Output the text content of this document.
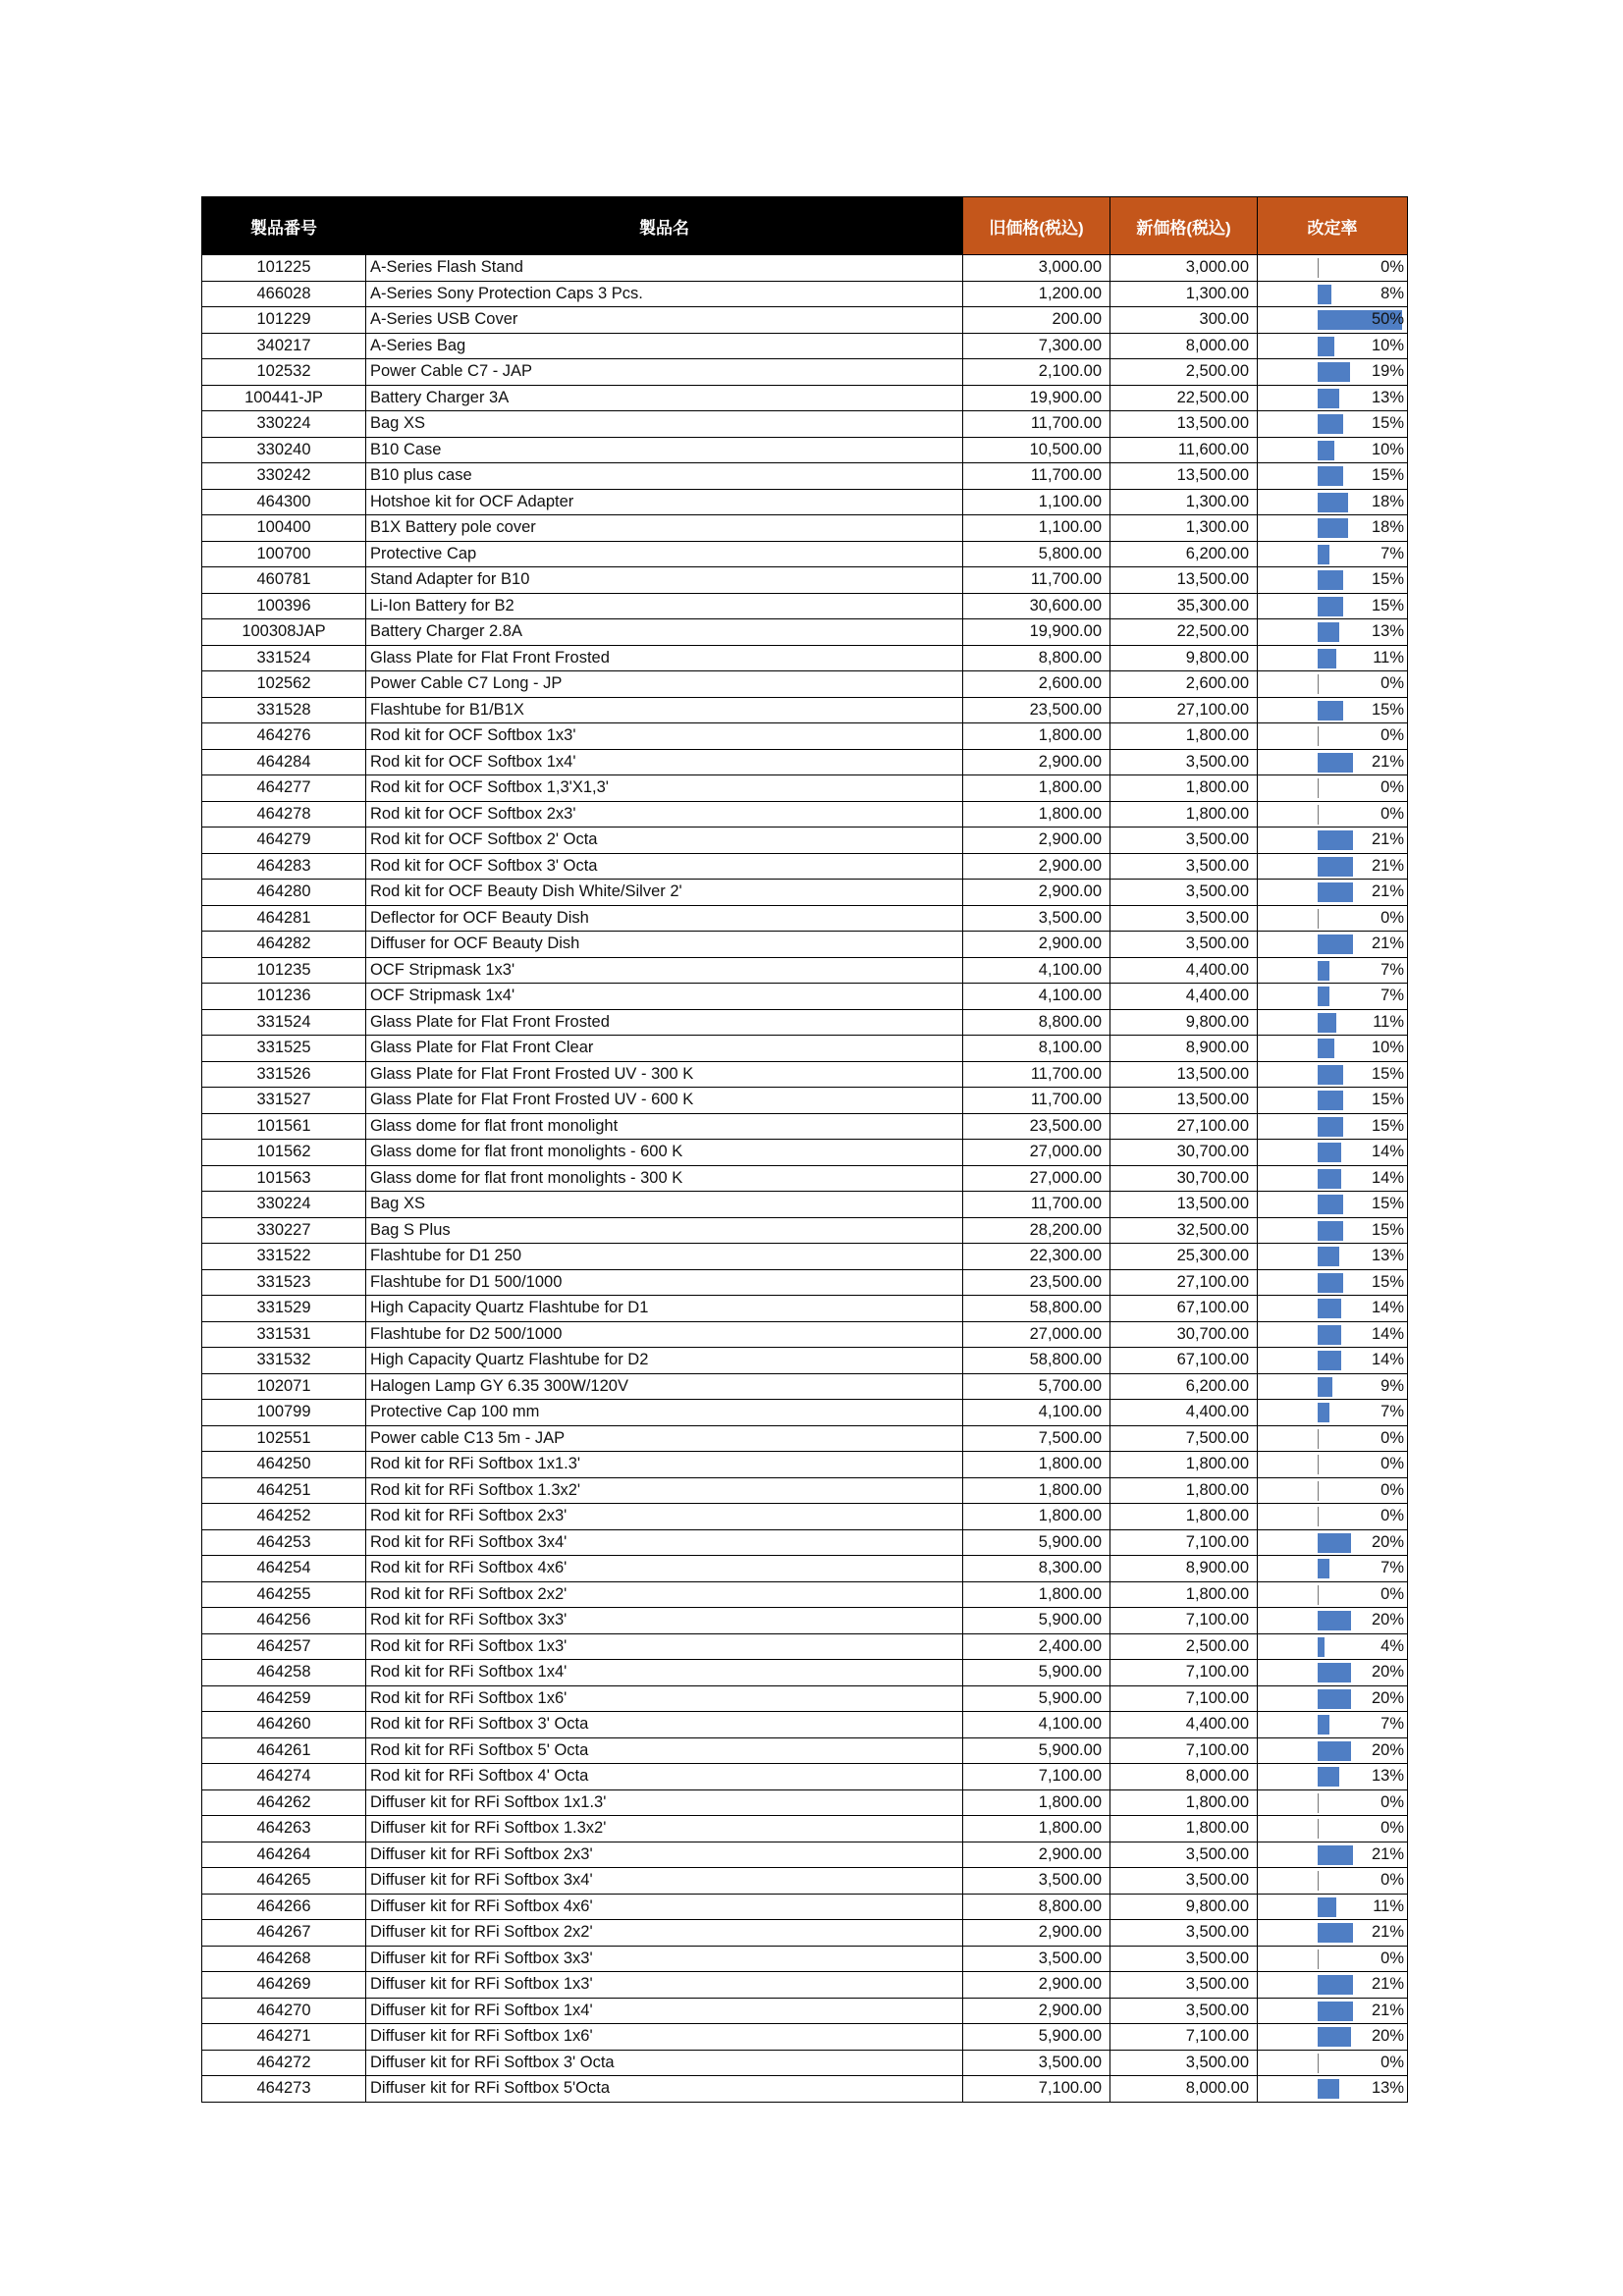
製品番号	製品名	旧価格(税込)	新価格(税込)	改定率
101225	A-Series Flash Stand	3,000.00	3,000.00	0%
466028	A-Series Sony Protection Caps 3 Pcs.	1,200.00	1,300.00	8%
101229	A-Series USB Cover	200.00	300.00	50%
340217	A-Series Bag	7,300.00	8,000.00	10%
102532	Power Cable C7 - JAP	2,100.00	2,500.00	19%
100441-JP	Battery Charger 3A	19,900.00	22,500.00	13%
330224	Bag XS	11,700.00	13,500.00	15%
330240	B10 Case	10,500.00	11,600.00	10%
330242	B10 plus case	11,700.00	13,500.00	15%
464300	Hotshoe kit for OCF Adapter	1,100.00	1,300.00	18%
100400	B1X Battery pole cover	1,100.00	1,300.00	18%
100700	Protective Cap	5,800.00	6,200.00	7%
460781	Stand Adapter for B10	11,700.00	13,500.00	15%
100396	Li-Ion Battery for B2	30,600.00	35,300.00	15%
100308JAP	Battery Charger 2.8A	19,900.00	22,500.00	13%
331524	Glass Plate for Flat Front Frosted	8,800.00	9,800.00	11%
102562	Power Cable C7 Long - JP	2,600.00	2,600.00	0%
331528	Flashtube for B1/B1X	23,500.00	27,100.00	15%
464276	Rod kit for OCF Softbox 1x3'	1,800.00	1,800.00	0%
464284	Rod kit for OCF Softbox 1x4'	2,900.00	3,500.00	21%
464277	Rod kit for OCF Softbox 1,3'X1,3'	1,800.00	1,800.00	0%
464278	Rod kit for OCF Softbox 2x3'	1,800.00	1,800.00	0%
464279	Rod kit for OCF Softbox 2' Octa	2,900.00	3,500.00	21%
464283	Rod kit for OCF Softbox 3' Octa	2,900.00	3,500.00	21%
464280	Rod kit for OCF Beauty Dish White/Silver 2'	2,900.00	3,500.00	21%
464281	Deflector for OCF Beauty Dish	3,500.00	3,500.00	0%
464282	Diffuser for OCF Beauty Dish	2,900.00	3,500.00	21%
101235	OCF Stripmask 1x3'	4,100.00	4,400.00	7%
101236	OCF Stripmask 1x4'	4,100.00	4,400.00	7%
331524	Glass Plate for Flat Front Frosted	8,800.00	9,800.00	11%
331525	Glass Plate for Flat Front Clear	8,100.00	8,900.00	10%
331526	Glass Plate for Flat Front Frosted UV - 300 K	11,700.00	13,500.00	15%
331527	Glass Plate for Flat Front Frosted UV - 600 K	11,700.00	13,500.00	15%
101561	Glass dome for flat front monolight	23,500.00	27,100.00	15%
101562	Glass dome for flat front monolights - 600 K	27,000.00	30,700.00	14%
101563	Glass dome for flat front monolights - 300 K	27,000.00	30,700.00	14%
330224	Bag XS	11,700.00	13,500.00	15%
330227	Bag S Plus	28,200.00	32,500.00	15%
331522	Flashtube for D1 250	22,300.00	25,300.00	13%
331523	Flashtube for D1 500/1000	23,500.00	27,100.00	15%
331529	High Capacity Quartz Flashtube for D1	58,800.00	67,100.00	14%
331531	Flashtube for D2 500/1000	27,000.00	30,700.00	14%
331532	High Capacity Quartz Flashtube for D2	58,800.00	67,100.00	14%
102071	Halogen Lamp GY 6.35 300W/120V	5,700.00	6,200.00	9%
100799	Protective Cap 100 mm	4,100.00	4,400.00	7%
102551	Power cable C13 5m - JAP	7,500.00	7,500.00	0%
464250	Rod kit for RFi Softbox 1x1.3'	1,800.00	1,800.00	0%
464251	Rod kit for RFi Softbox 1.3x2'	1,800.00	1,800.00	0%
464252	Rod kit for RFi Softbox 2x3'	1,800.00	1,800.00	0%
464253	Rod kit for RFi Softbox 3x4'	5,900.00	7,100.00	20%
464254	Rod kit for RFi Softbox 4x6'	8,300.00	8,900.00	7%
464255	Rod kit for RFi Softbox 2x2'	1,800.00	1,800.00	0%
464256	Rod kit for RFi Softbox 3x3'	5,900.00	7,100.00	20%
464257	Rod kit for RFi Softbox 1x3'	2,400.00	2,500.00	4%
464258	Rod kit for RFi Softbox 1x4'	5,900.00	7,100.00	20%
464259	Rod kit for RFi Softbox 1x6'	5,900.00	7,100.00	20%
464260	Rod kit for RFi Softbox 3' Octa	4,100.00	4,400.00	7%
464261	Rod kit for RFi Softbox 5' Octa	5,900.00	7,100.00	20%
464274	Rod kit for RFi Softbox 4' Octa	7,100.00	8,000.00	13%
464262	Diffuser kit for RFi Softbox 1x1.3'	1,800.00	1,800.00	0%
464263	Diffuser kit for RFi Softbox 1.3x2'	1,800.00	1,800.00	0%
464264	Diffuser kit for RFi Softbox 2x3'	2,900.00	3,500.00	21%
464265	Diffuser kit for RFi Softbox 3x4'	3,500.00	3,500.00	0%
464266	Diffuser kit for RFi Softbox 4x6'	8,800.00	9,800.00	11%
464267	Diffuser kit for RFi Softbox 2x2'	2,900.00	3,500.00	21%
464268	Diffuser kit for RFi Softbox 3x3'	3,500.00	3,500.00	0%
464269	Diffuser kit for RFi Softbox 1x3'	2,900.00	3,500.00	21%
464270	Diffuser kit for RFi Softbox 1x4'	2,900.00	3,500.00	21%
464271	Diffuser kit for RFi Softbox 1x6'	5,900.00	7,100.00	20%
464272	Diffuser kit for RFi Softbox 3' Octa	3,500.00	3,500.00	0%
464273	Diffuser kit for RFi Softbox 5'Octa	7,100.00	8,000.00	13%
